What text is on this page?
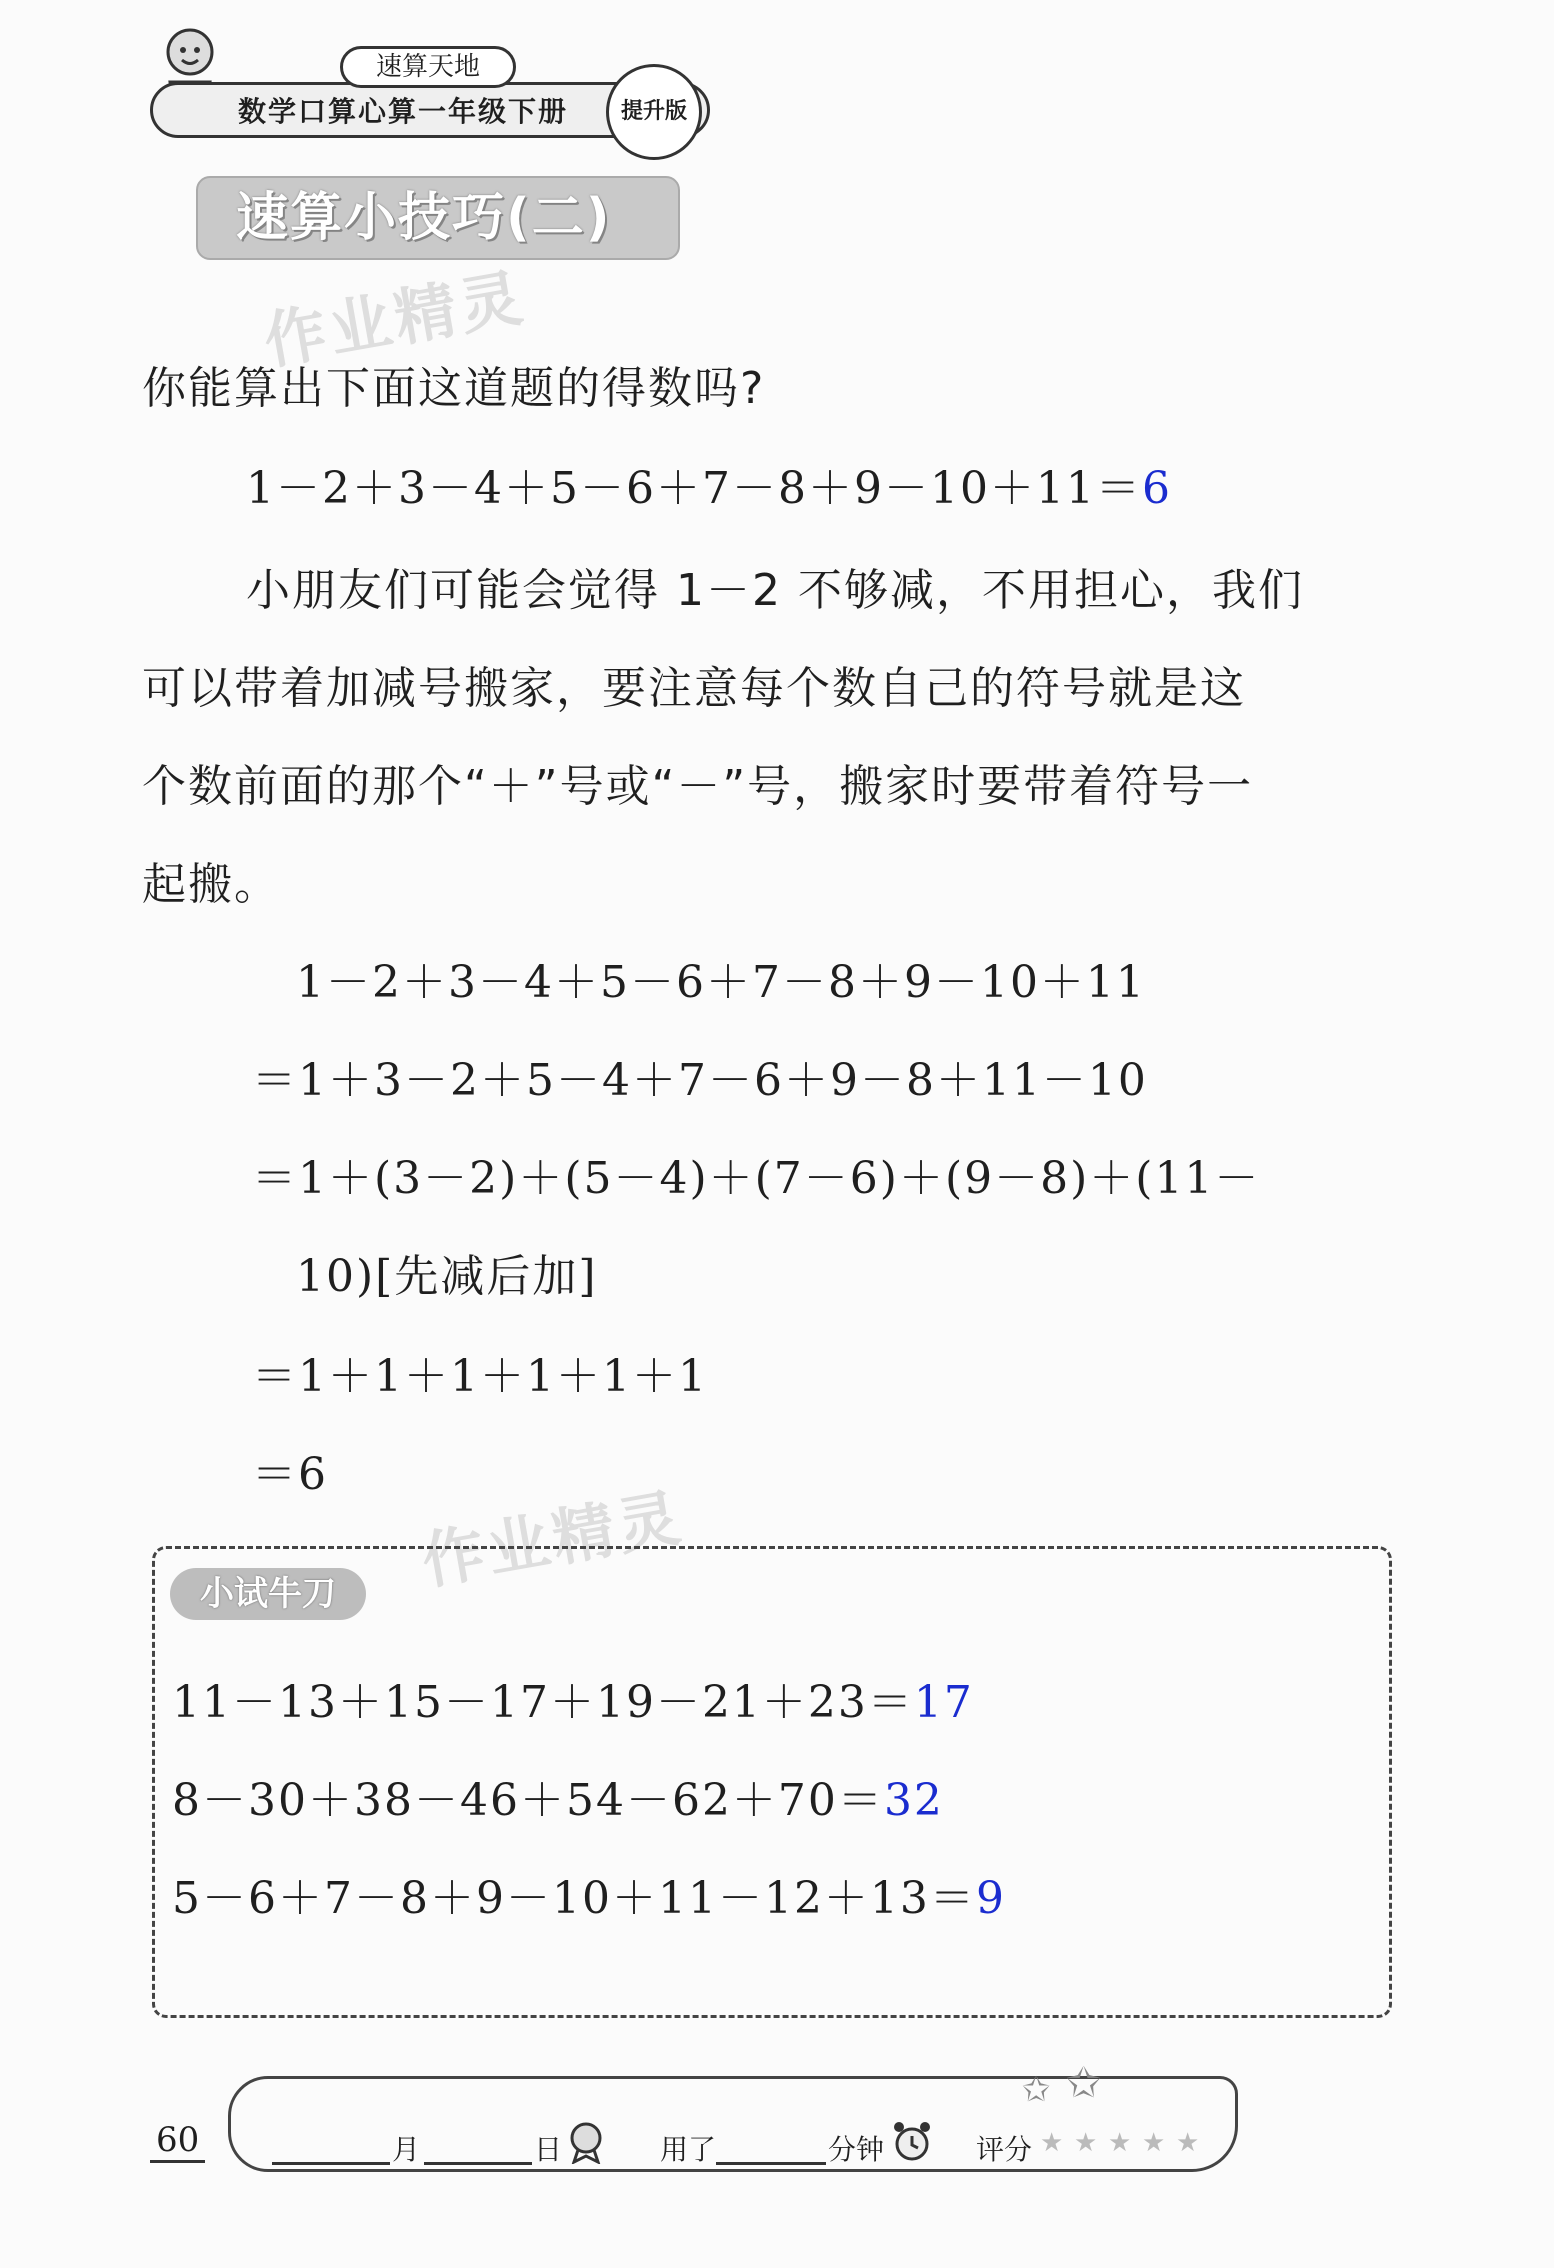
速算天地
数学口算心算一年级下册	提升版
速算小技巧(二)
作业精灵
你能算出下面这道题的得数吗?
1－2＋3－4＋5－6＋7－8＋9－10＋11＝6
小朋友们可能会觉得 1－2 不够减，不用担心，我们
可以带着加减号搬家，要注意每个数自己的符号就是这
个数前面的那个“＋”号或“－”号，搬家时要带着符号一
起搬。
1－2＋3－4＋5－6＋7－8＋9－10＋11
＝1＋3－2＋5－4＋7－6＋9－8＋11－10
＝1＋(3－2)＋(5－4)＋(7－6)＋(9－8)＋(11－
10)[先减后加]
＝1＋1＋1＋1＋1＋1
＝6
作业精灵
小试牛刀
11－13＋15－17＋19－21＋23＝17
8－30＋38－46＋54－62＋70＝32
5－6＋7－8＋9－10＋11－12＋13＝9
60	月	日	用了	分钟	评分 ★ ★ ★ ★ ★
✩ ✩
